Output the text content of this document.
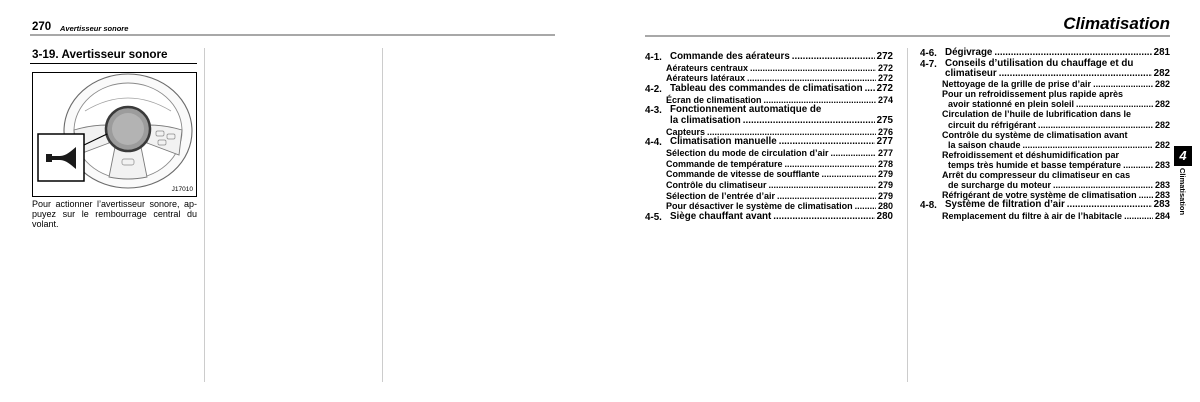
270 Avertisseur sonore
3-19. Avertisseur sonore
J17010
Pour actionner l’avertisseur sonore, ap-
puyez sur le rembourrage central du
volant.
Climatisation
4-1. Commande des aérateurs .....	272
Aérateurs centraux .....	272
Aérateurs latéraux .....	272
4-2. Tableau des commandes de climatisation ..... 272
Écran de climatisation .....	274
4-3. Fonctionnement automatique de
la climatisation .....	275
Capteurs .....	276
4-4. Climatisation manuelle .....	277
Sélection du mode de circulation d’air .....	277
Commande de température .....	278
Commande de vitesse de soufflante .....	279
Contrôle du climatiseur .....	279
Sélection de l’entrée d’air .....	279
Pour désactiver le système de climatisation .....	280
4-5. Siège chauffant avant .....	280
4-6. Dégivrage .....	281
4-7. Conseils d’utilisation du chauffage et du
climatiseur .....	282
Nettoyage de la grille de prise d’air .....	282
Pour un refroidissement plus rapide après
avoir stationné en plein soleil .....	282
Circulation de l’huile de lubrification dans le
circuit du réfrigérant .....	282
Contrôle du système de climatisation avant
la saison chaude .....	282
Refroidissement et déshumidification par
temps très humide et basse température .....	283
Arrêt du compresseur du climatiseur en cas
de surcharge du moteur .....	283
Réfrigérant de votre système de climatisation ..... 283
4-8. Système de filtration d’air .....	283
Remplacement du filtre à air de l’habitacle .....	284
4
Climatisation
